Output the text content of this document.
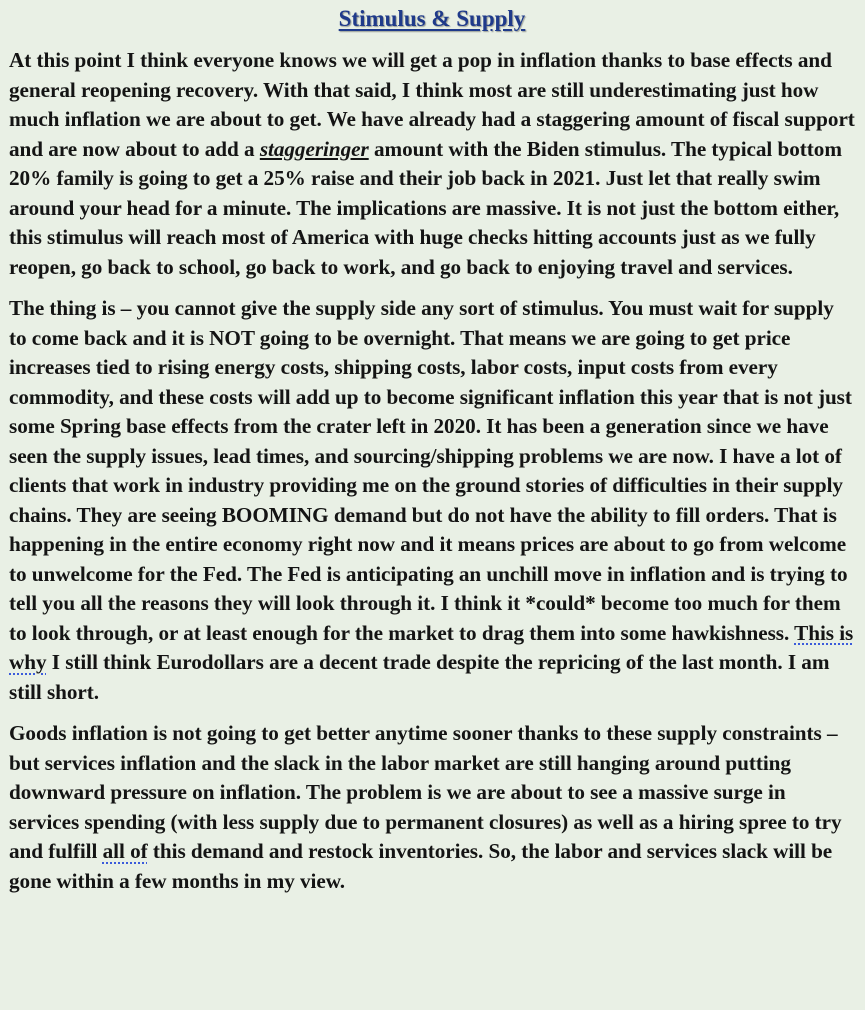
Stimulus & Supply

At this point I think everyone knows we will get a pop in inflation thanks to base effects and general reopening recovery. With that said, I think most are still underestimating just how much inflation we are about to get. We have already had a staggering amount of fiscal support and are now about to add a staggeringer amount with the Biden stimulus. The typical bottom 20% family is going to get a 25% raise and their job back in 2021. Just let that really swim around your head for a minute. The implications are massive. It is not just the bottom either, this stimulus will reach most of America with huge checks hitting accounts just as we fully reopen, go back to school, go back to work, and go back to enjoying travel and services.

The thing is – you cannot give the supply side any sort of stimulus. You must wait for supply to come back and it is NOT going to be overnight. That means we are going to get price increases tied to rising energy costs, shipping costs, labor costs, input costs from every commodity, and these costs will add up to become significant inflation this year that is not just some Spring base effects from the crater left in 2020. It has been a generation since we have seen the supply issues, lead times, and sourcing/shipping problems we are now. I have a lot of clients that work in industry providing me on the ground stories of difficulties in their supply chains. They are seeing BOOMING demand but do not have the ability to fill orders. That is happening in the entire economy right now and it means prices are about to go from welcome to unwelcome for the Fed. The Fed is anticipating an unchill move in inflation and is trying to tell you all the reasons they will look through it. I think it *could* become too much for them to look through, or at least enough for the market to drag them into some hawkishness. This is why I still think Eurodollars are a decent trade despite the repricing of the last month. I am still short.

Goods inflation is not going to get better anytime sooner thanks to these supply constraints – but services inflation and the slack in the labor market are still hanging around putting downward pressure on inflation. The problem is we are about to see a massive surge in services spending (with less supply due to permanent closures) as well as a hiring spree to try and fulfill all of this demand and restock inventories. So, the labor and services slack will be gone within a few months in my view.
